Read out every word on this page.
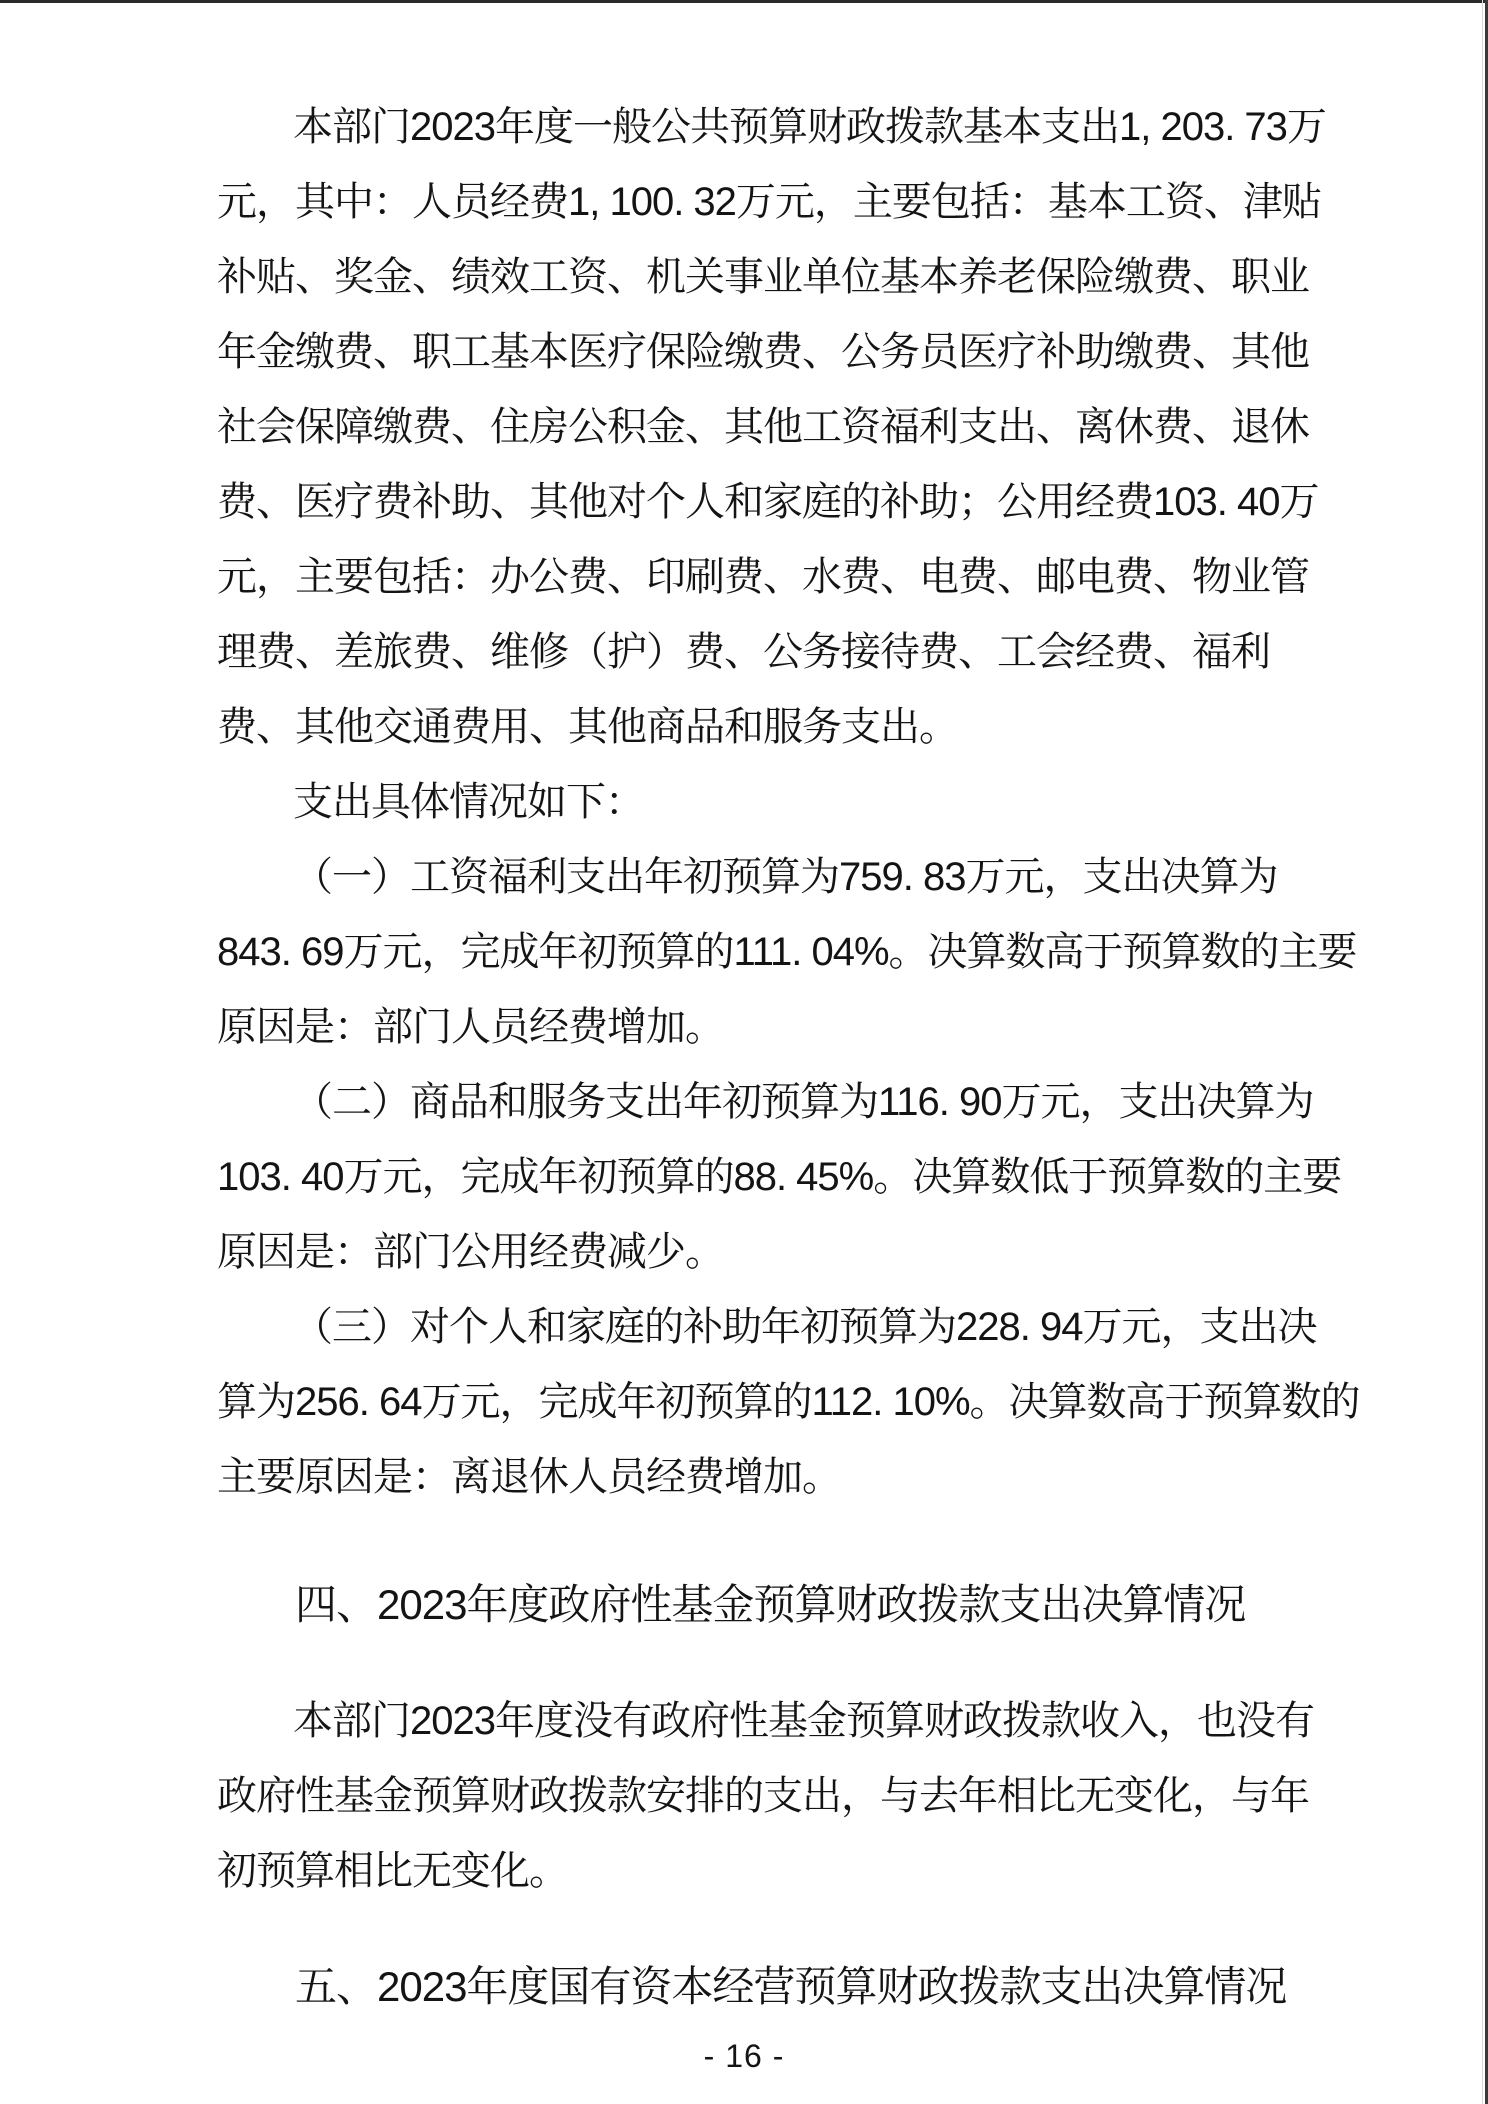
本部门2023年度一般公共预算财政拨款基本支出1, 203. 73万
元，其中：人员经费1, 100. 32万元，主要包括：基本工资、津贴
补贴、奖金、绩效工资、机关事业单位基本养老保险缴费、职业
年金缴费、职工基本医疗保险缴费、公务员医疗补助缴费、其他
社会保障缴费、住房公积金、其他工资福利支出、离休费、退休
费、医疗费补助、其他对个人和家庭的补助；公用经费103. 40万
元，主要包括：办公费、印刷费、水费、电费、邮电费、物业管
理费、差旅费、维修（护）费、公务接待费、工会经费、福利
费、其他交通费用、其他商品和服务支出。
支出具体情况如下：
（一）工资福利支出年初预算为759. 83万元，支出决算为
843. 69万元，完成年初预算的111. 04%。决算数高于预算数的主要
原因是：部门人员经费增加。
（二）商品和服务支出年初预算为116. 90万元，支出决算为
103. 40万元，完成年初预算的88. 45%。决算数低于预算数的主要
原因是：部门公用经费减少。
（三）对个人和家庭的补助年初预算为228. 94万元，支出决
算为256. 64万元，完成年初预算的112. 10%。决算数高于预算数的
主要原因是：离退休人员经费增加。
四、2023年度政府性基金预算财政拨款支出决算情况
本部门2023年度没有政府性基金预算财政拨款收入，也没有
政府性基金预算财政拨款安排的支出，与去年相比无变化，与年
初预算相比无变化。
五、2023年度国有资本经营预算财政拨款支出决算情况
- 16 -
